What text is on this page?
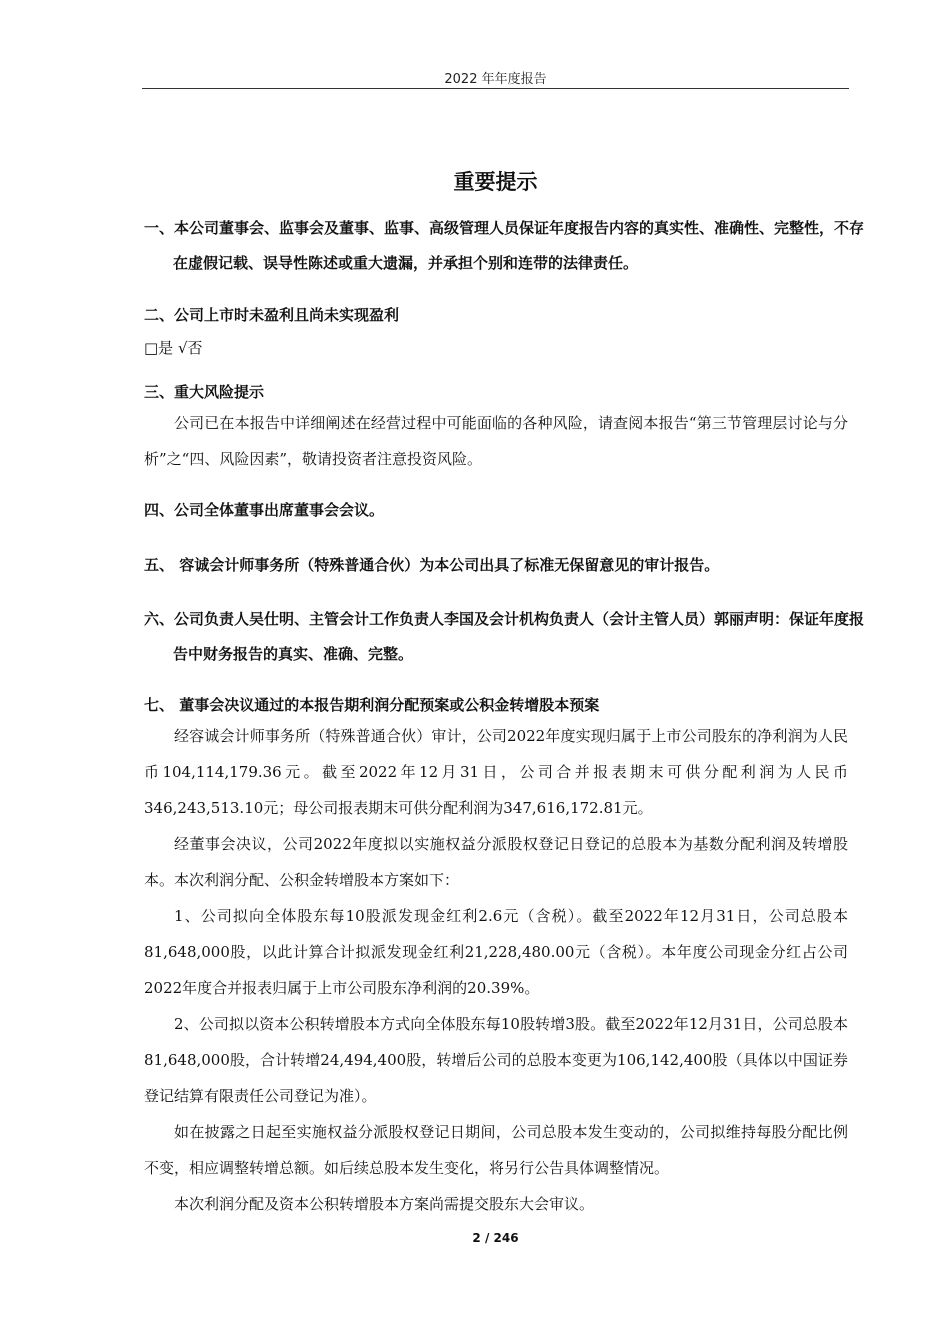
2022 年年度报告
重要提示
一、本公司董事会、监事会及董事、监事、高级管理人员保证年度报告内容的真实性、准确性、完整性，不存在虚假记载、误导性陈述或重大遗漏，并承担个别和连带的法律责任。
二、公司上市时未盈利且尚未实现盈利
□是 √否
三、重大风险提示

公司已在本报告中详细阐述在经营过程中可能面临的各种风险，请查阅本报告“第三节管理层讨论与分析”之“四、风险因素”，敬请投资者注意投资风险。

四、公司全体董事出席董事会会议。
五、 容诚会计师事务所（特殊普通合伙）为本公司出具了标准无保留意见的审计报告。
六、公司负责人吴仕明、主管会计工作负责人李国及会计机构负责人（会计主管人员）郭丽声明：保证年度报告中财务报告的真实、准确、完整。
七、 董事会决议通过的本报告期利润分配预案或公积金转增股本预案

经容诚会计师事务所（特殊普通合伙）审计，公司2022年度实现归属于上市公司股东的净利润为人民币104,114,179.36元。截至2022年12月31日，公司合并报表期末可供分配利润为人民币346,243,513.10元；母公司报表期末可供分配利润为347,616,172.81元。

经董事会决议，公司2022年度拟以实施权益分派股权登记日登记的总股本为基数分配利润及转增股本。本次利润分配、公积金转增股本方案如下：

1、公司拟向全体股东每10股派发现金红利2.6元（含税）。截至2022年12月31日，公司总股本81,648,000股，以此计算合计拟派发现金红利21,228,480.00元（含税）。本年度公司现金分红占公司2022年度合并报表归属于上市公司股东净利润的20.39%。

2、公司拟以资本公积转增股本方式向全体股东每10股转增3股。截至2022年12月31日，公司总股本81,648,000股，合计转增24,494,400股，转增后公司的总股本变更为106,142,400股（具体以中国证券登记结算有限责任公司登记为准）。

如在披露之日起至实施权益分派股权登记日期间，公司总股本发生变动的，公司拟维持每股分配比例不变，相应调整转增总额。如后续总股本发生变化，将另行公告具体调整情况。

本次利润分配及资本公积转增股本方案尚需提交股东大会审议。

2 / 246
